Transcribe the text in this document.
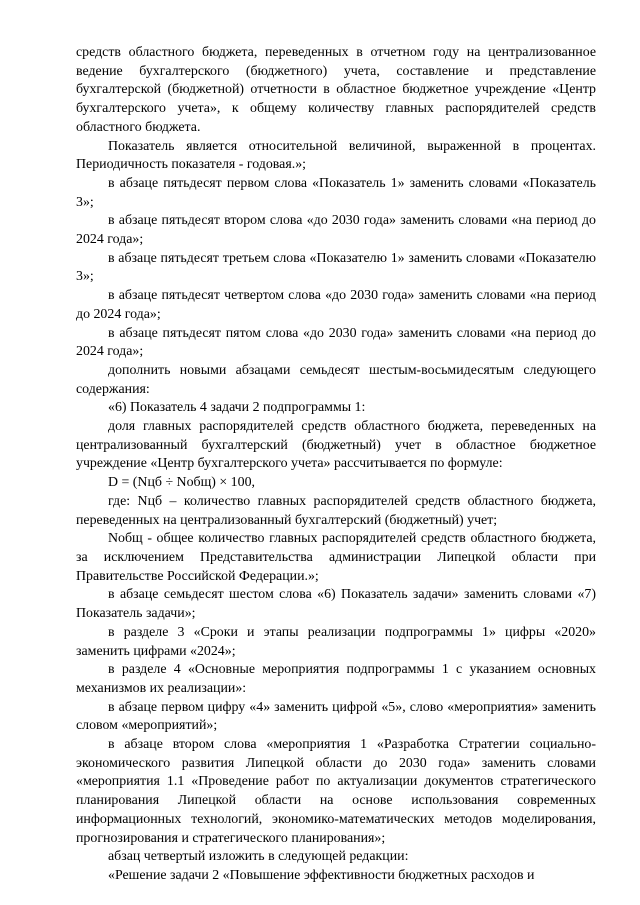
средств областного бюджета, переведенных в отчетном году на централизованное ведение бухгалтерского (бюджетного) учета, составление и представление бухгалтерской (бюджетной) отчетности в областное бюджетное учреждение «Центр бухгалтерского учета», к общему количеству главных распорядителей средств областного бюджета.

Показатель является относительной величиной, выраженной в процентах. Периодичность показателя - годовая.»;

в абзаце пятьдесят первом слова «Показатель 1» заменить словами «Показатель 3»;

в абзаце пятьдесят втором слова «до 2030 года» заменить словами «на период до 2024 года»;

в абзаце пятьдесят третьем слова «Показателю 1» заменить словами «Показателю 3»;

в абзаце пятьдесят четвертом слова «до 2030 года» заменить словами «на период до 2024 года»;

в абзаце пятьдесят пятом слова «до 2030 года» заменить словами «на период до 2024 года»;

дополнить новыми абзацами семьдесят шестым-восьмидесятым следующего содержания:

«6) Показатель 4 задачи 2 подпрограммы 1:

доля главных распорядителей средств областного бюджета, переведенных на централизованный бухгалтерский (бюджетный) учет в областное бюджетное учреждение «Центр бухгалтерского учета» рассчитывается по формуле:

D = (Nцб ÷ Nобщ) × 100,

где: Nцб – количество главных распорядителей средств областного бюджета, переведенных на централизованный бухгалтерский (бюджетный) учет;

Nобщ - общее количество главных распорядителей средств областного бюджета, за исключением Представительства администрации Липецкой области при Правительстве Российской Федерации.»;

в абзаце семьдесят шестом слова «6) Показатель задачи» заменить словами «7) Показатель задачи»;

в разделе 3 «Сроки и этапы реализации подпрограммы 1» цифры «2020» заменить цифрами «2024»;

в разделе 4 «Основные мероприятия подпрограммы 1 с указанием основных механизмов их реализации»:

в абзаце первом цифру «4» заменить цифрой «5», слово «мероприятия» заменить словом «мероприятий»;

в абзаце втором слова «мероприятия 1 «Разработка Стратегии социально-экономического развития Липецкой области до 2030 года» заменить словами «мероприятия 1.1 «Проведение работ по актуализации документов стратегического планирования Липецкой области на основе использования современных информационных технологий, экономико-математических методов моделирования, прогнозирования и стратегического планирования»;

абзац четвертый изложить в следующей редакции:

«Решение задачи 2 «Повышение эффективности бюджетных расходов и
